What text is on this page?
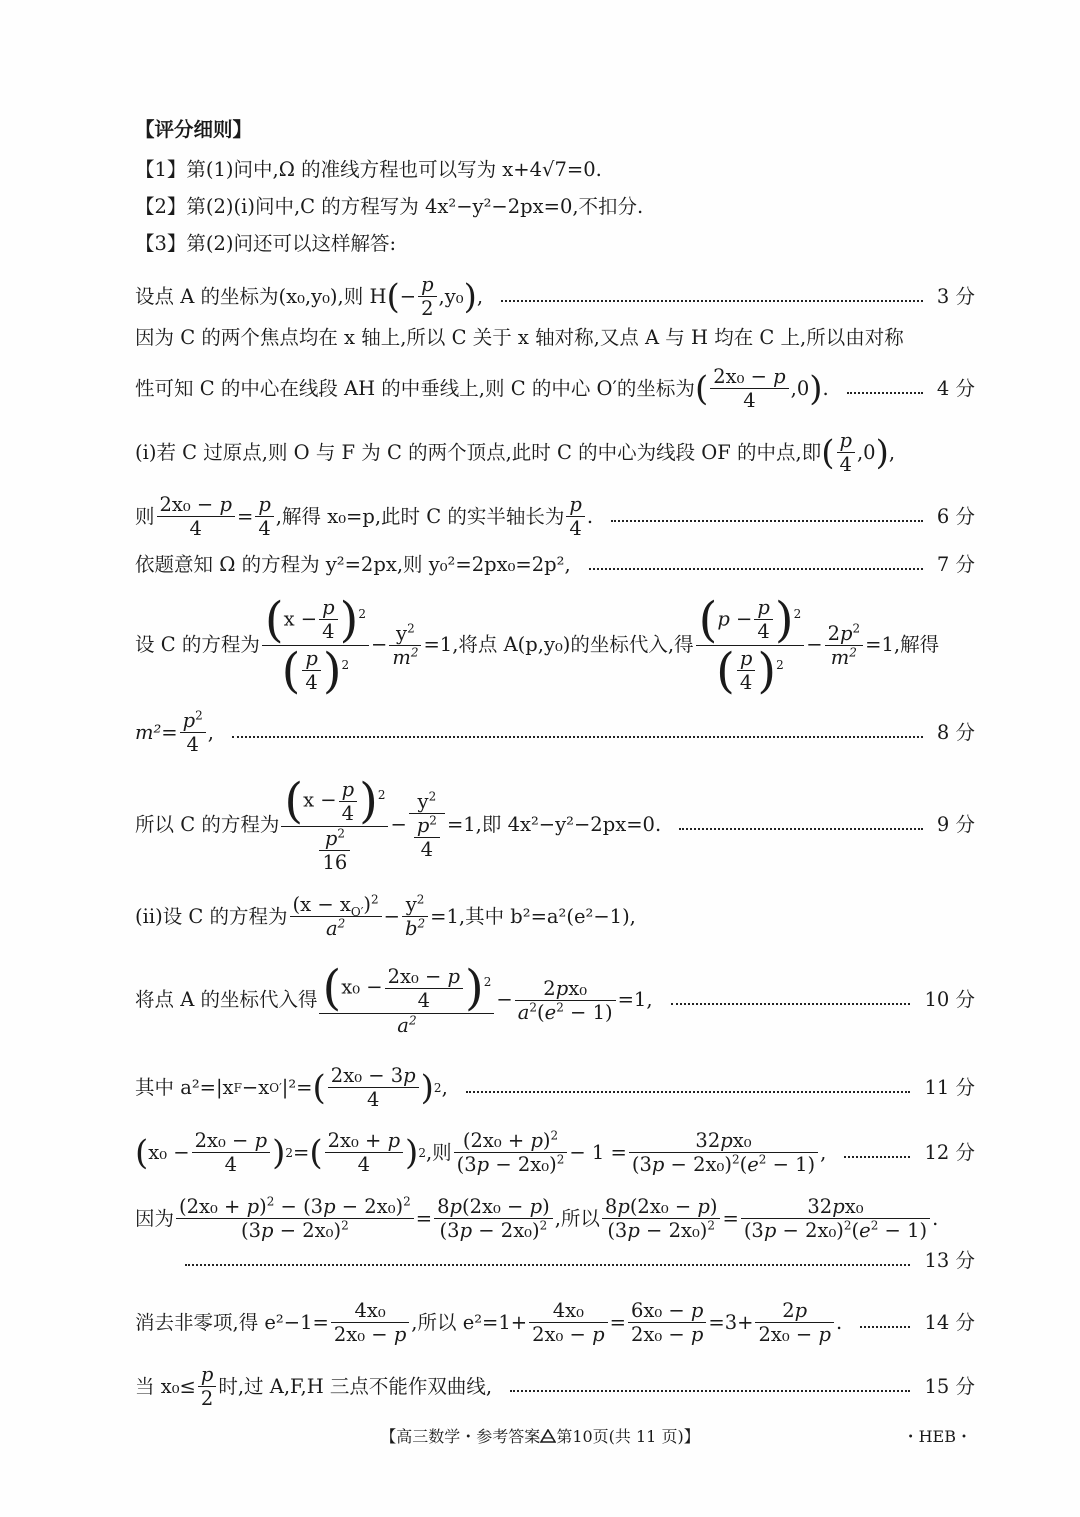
【评分细则】
【1】第(1)问中,Ω 的准线方程也可以写为 x+4√7=0.
【2】第(2)(ⅰ)问中,C 的方程写为 4x²−y²−2px=0,不扣分.
【3】第(2)问还可以这样解答:
设点 A 的坐标为(x₀,y₀),则 H ( − $\frac{p}{2} ,y_0$ ) ,	3 分
因为 C 的两个焦点均在 x 轴上,所以 C 关于 x 轴对称,又点 A 与 H 均在 C 上,所以由对称
性可知 C 的中心在线段 AH 的中垂线上,则 C 的中心 O′的坐标为 ( $\frac{\text{2x₀ − p}}{4} ,0$ ) .	4 分
(ⅰ)若 C 过原点,则 O 与 F 为 C 的两个顶点,此时 C 的中心为线段 OF 的中点,即 ( $\frac{p}{4} ,0$ ) ,
则 $\frac{\text{2x₀ − p}}{4} = \frac{p}{4}$ ,解得 x₀=p,此时 C 的实半轴长为 $\frac{p}{4}$ .	6 分
依题意知 Ω 的方程为 y²=2px,则 y₀²=2px₀=2p²,	7 分
设 C 的方程为 $\frac{(x - \frac{p}{4} )^2}{( \frac{p}{4} )^2} - \frac{y^2}{m^2} =1$,将点 A(p,y₀)的坐标代入,得 $\frac{(p - \frac{p}{4} )^2}{( \frac{p}{4} )^2} - \frac{2p^2}{m^2} =1$,解得
$m^2= \frac{p^2}{4}$ ,	8 分
所以 C 的方程为 $\frac{(x - \frac{p}{4} )^2}{\frac{p^2}{16}} - \frac{y^2}{\frac{p^2}{4}} =1$,即 4x²−y²−2px=0.	9 分
(ⅱ)设 C 的方程为 $\frac{(x - x_{O'})^2}{a^2} - \frac{y^2}{b^2} =1$,其中 b²=a²(e²−1),
将点 A 的坐标代入得 $\frac{(x_0 - \frac{\text{2x₀ − p}}{4} )^2}{a^2} - \frac{\text{2px₀}}{a^2(e^2 - 1)} =1$,	10 分
其中 a²=|x F −x O′ |²= ( $\frac{\text{2x₀ − 3p}}{4}$ ) 2 ,	11 分
( $x_0 - \frac{\text{2x₀ − p}}{4}$ ) 2 = ( $\frac{\text{2x₀ + p}}{4}$ ) 2 ,则 $\frac{(2x_0 + p)^2}{(3p - 2x_0)^2} - 1 = \frac{\text{32px₀}}{(3p - 2x_0)^2(e^2 - 1)}$ ,	12 分
因为 $\frac{(2x_0 + p)^2 - (3p - 2x_0)^2}{(3p - 2x_0)^2} = \frac{\text{8p(2x₀ − p)}}{(3p - 2x_0)^2}$ ,所以 $\frac{\text{8p(2x₀ − p)}}{(3p - 2x_0)^2} = \frac{\text{32px₀}}{(3p - 2x_0)^2(e^2 - 1)}$ .
13 分
消去非零项,得 $e^2-1= \frac{\text{4x₀}}{\text{2x₀ − p}}$ ,所以 $e^2=1+ \frac{\text{4x₀}}{\text{2x₀ − p}} = \frac{\text{6x₀ − p}}{\text{2x₀ − p}} =3+ \frac{2p}{\text{2x₀ − p}}$ .	14 分
当 $x_0\le \frac{p}{2}$ 时,过 A,F,H 三点不能作双曲线,	15 分
【高三数学・参考答案 第10页(共 11 页)】	・HEB・
